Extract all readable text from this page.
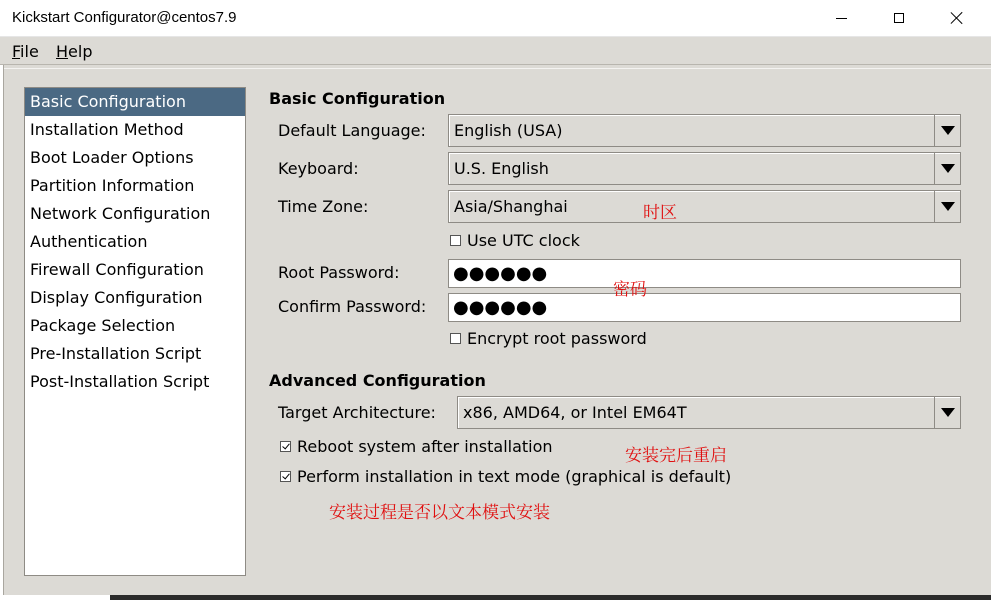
Kickstart Configurator@centos7.9
File Help
Basic Configuration
Installation Method
Boot Loader Options
Partition Information
Network Configuration
Authentication
Firewall Configuration
Display Configuration
Package Selection
Pre-Installation Script
Post-Installation Script
Basic Configuration
Default Language: English (USA)
Keyboard:	U.S. English
Time Zone:	Asia/Shanghai
Use UTC clock
Root Password:	●●●●●●
Confirm Password: ●●●●●●
Encrypt root password
Advanced Configuration
Target Architecture: x86, AMD64, or Intel EM64T
Reboot system after installation
Perform installation in text mode (graphical is default)
时区
密码
安装完后重启
安装过程是否以文本模式安装
